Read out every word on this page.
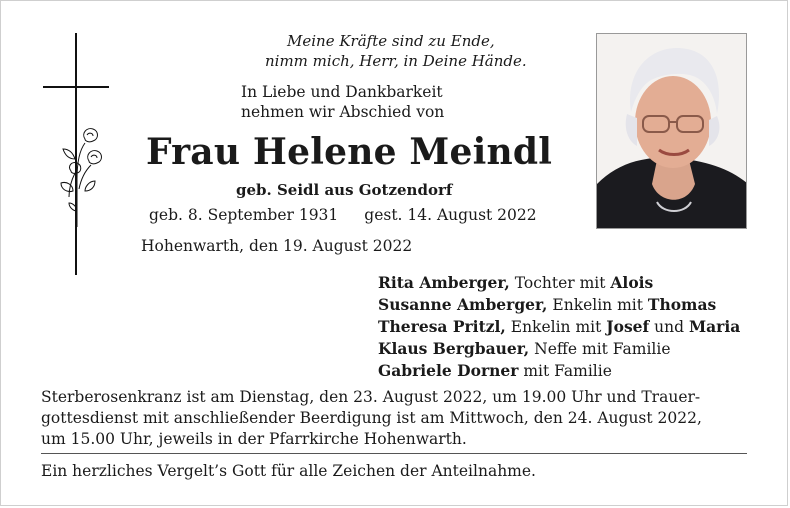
Meine Kräfte sind zu Ende,
nimm mich, Herr, in Deine Hände.
In Liebe und Dankbarkeit
nehmen wir Abschied von
Frau Helene Meindl
geb. Seidl aus Gotzendorf
geb. 8. September 1931 gest. 14. August 2022
Hohenwarth, den 19. August 2022
Rita Amberger, Tochter mit Alois
Susanne Amberger, Enkelin mit Thomas
Theresa Pritzl, Enkelin mit Josef und Maria
Klaus Bergbauer, Neffe mit Familie
Gabriele Dorner mit Familie
Sterberosenkranz ist am Dienstag, den 23. August 2022, um 19.00 Uhr und Trauer-
gottesdienst mit anschließender Beerdigung ist am Mittwoch, den 24. August 2022,
um 15.00 Uhr, jeweils in der Pfarrkirche Hohenwarth.
Ein herzliches Vergelt’s Gott für alle Zeichen der Anteilnahme.
